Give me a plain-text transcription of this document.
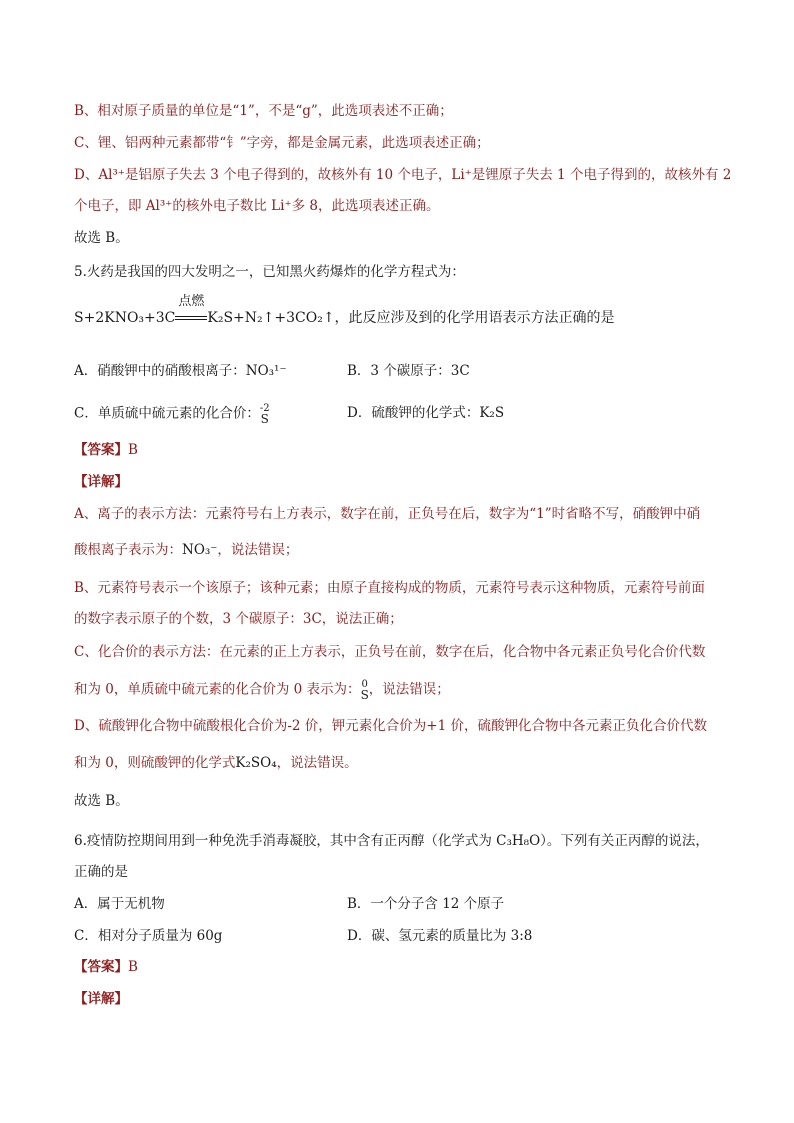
B、相对原子质量的单位是“1”，不是“g”，此选项表述不正确；
C、锂、铝两种元素都带“钅”字旁，都是金属元素，此选项表述正确；
D、Al³⁺是铝原子失去 3 个电子得到的，故核外有 10 个电子，Li⁺是锂原子失去 1 个电子得到的，故核外有 2
个电子，即 Al³⁺的核外电子数比 Li⁺多 8，此选项表述正确。
故选 B。
5.火药是我国的四大发明之一，已知黑火药爆炸的化学方程式为：
S+2KNO₃+3C
点燃
K₂S+N₂↑+3CO₂↑，此反应涉及到的化学用语表示方法正确的是
A．硝酸钾中的硝酸根离子：NO₃¹⁻	B．3 个碳原子：3C
C．单质硫中硫元素的化合价： -2
S	D．硫酸钾的化学式：K₂S
【答案】B
【详解】
A、离子的表示方法：元素符号右上方表示，数字在前，正负号在后，数字为“1”时省略不写，硝酸钾中硝
酸根离子表示为：NO₃⁻，说法错误；
B、元素符号表示一个该原子；该种元素；由原子直接构成的物质，元素符号表示这种物质，元素符号前面
的数字表示原子的个数，3 个碳原子：3C，说法正确；
C、化合价的表示方法：在元素的正上方表示，正负号在前，数字在后，化合物中各元素正负号化合价代数
和为 0，单质硫中硫元素的化合价为 0 表示为： 0
S ，说法错误；
D、硫酸钾化合物中硫酸根化合价为-2 价，钾元素化合价为+1 价，硫酸钾化合物中各元素正负化合价代数
和为 0，则硫酸钾的化学式K₂SO₄，说法错误。
故选 B。
6.疫情防控期间用到一种免洗手消毒凝胶，其中含有正丙醇（化学式为 C₃H₈O）。下列有关正丙醇的说法，
正确的是
A．属于无机物	B．一个分子含 12 个原子
C．相对分子质量为 60g	D．碳、氢元素的质量比为 3:8
【答案】B
【详解】
